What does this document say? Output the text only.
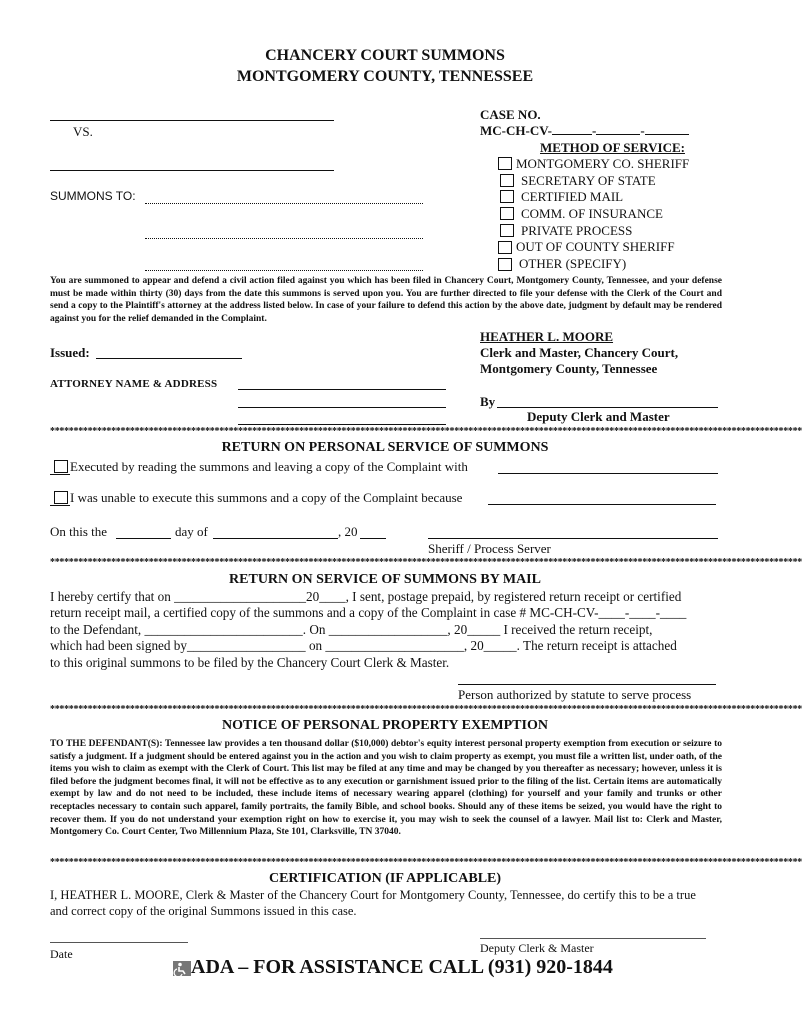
CHANCERY COURT SUMMONS
MONTGOMERY COUNTY, TENNESSEE
VS.
SUMMONS TO:
CASE NO.
MC-CH-CV-	-	-
METHOD OF SERVICE:
MONTGOMERY CO. SHERIFF
SECRETARY OF STATE
CERTIFIED MAIL
COMM. OF INSURANCE
PRIVATE PROCESS
OUT OF COUNTY SHERIFF
OTHER (SPECIFY)
You are summoned to appear and defend a civil action filed against you which has been filed in Chancery Court, Montgomery County, Tennessee, and your defense must be made within thirty (30) days from the date this summons is served upon you. You are further directed to file your defense with the Clerk of the Court and send a copy to the Plaintiff's attorney at the address listed below. In case of your failure to defend this action by the above date, judgment by default may be rendered against you for the relief demanded in the Complaint.
HEATHER L. MOORE
Clerk and Master, Chancery Court,
Montgomery County, Tennessee
Issued:
ATTORNEY NAME & ADDRESS
By
Deputy Clerk and Master
****************************************************************************************************************************************************************
RETURN ON PERSONAL SERVICE OF SUMMONS
Executed by reading the summons and leaving a copy of the Complaint with
I was unable to execute this summons and a copy of the Complaint because
On this the	day of	, 20
Sheriff / Process Server
****************************************************************************************************************************************************************
RETURN ON SERVICE OF SUMMONS BY MAIL
I hereby certify that on ____________________20____, I sent, postage prepaid, by registered return receipt or certified
return receipt mail, a certified copy of the summons and a copy of the Complaint in case # MC-CH-CV-____-____-____
to the Defendant, ________________________. On __________________, 20_____ I received the return receipt,
which had been signed by__________________ on _____________________, 20_____. The return receipt is attached
to this original summons to be filed by the Chancery Court Clerk & Master.
Person authorized by statute to serve process
****************************************************************************************************************************************************************
NOTICE OF PERSONAL PROPERTY EXEMPTION
TO THE DEFENDANT(S): Tennessee law provides a ten thousand dollar ($10,000) debtor's equity interest personal property exemption from execution or seizure to satisfy a judgment. If a judgment should be entered against you in the action and you wish to claim property as exempt, you must file a written list, under oath, of the items you wish to claim as exempt with the Clerk of Court. This list may be filed at any time and may be changed by you thereafter as necessary; however, unless it is filed before the judgment becomes final, it will not be effective as to any execution or garnishment issued prior to the filing of the list. Certain items are automatically exempt by law and do not need to be included, these include items of necessary wearing apparel (clothing) for yourself and your family and trunks or other receptacles necessary to contain such apparel, family portraits, the family Bible, and school books. Should any of these items be seized, you would have the right to recover them. If you do not understand your exemption right on how to exercise it, you may wish to seek the counsel of a lawyer. Mail list to: Clerk and Master, Montgomery Co. Court Center, Two Millennium Plaza, Ste 101, Clarksville, TN 37040.
****************************************************************************************************************************************************************
CERTIFICATION (IF APPLICABLE)
I, HEATHER L. MOORE, Clerk & Master of the Chancery Court for Montgomery County, Tennessee, do certify this to be a true
and correct copy of the original Summons issued in this case.
Date	Deputy Clerk & Master
ADA – FOR ASSISTANCE CALL (931) 920-1844
